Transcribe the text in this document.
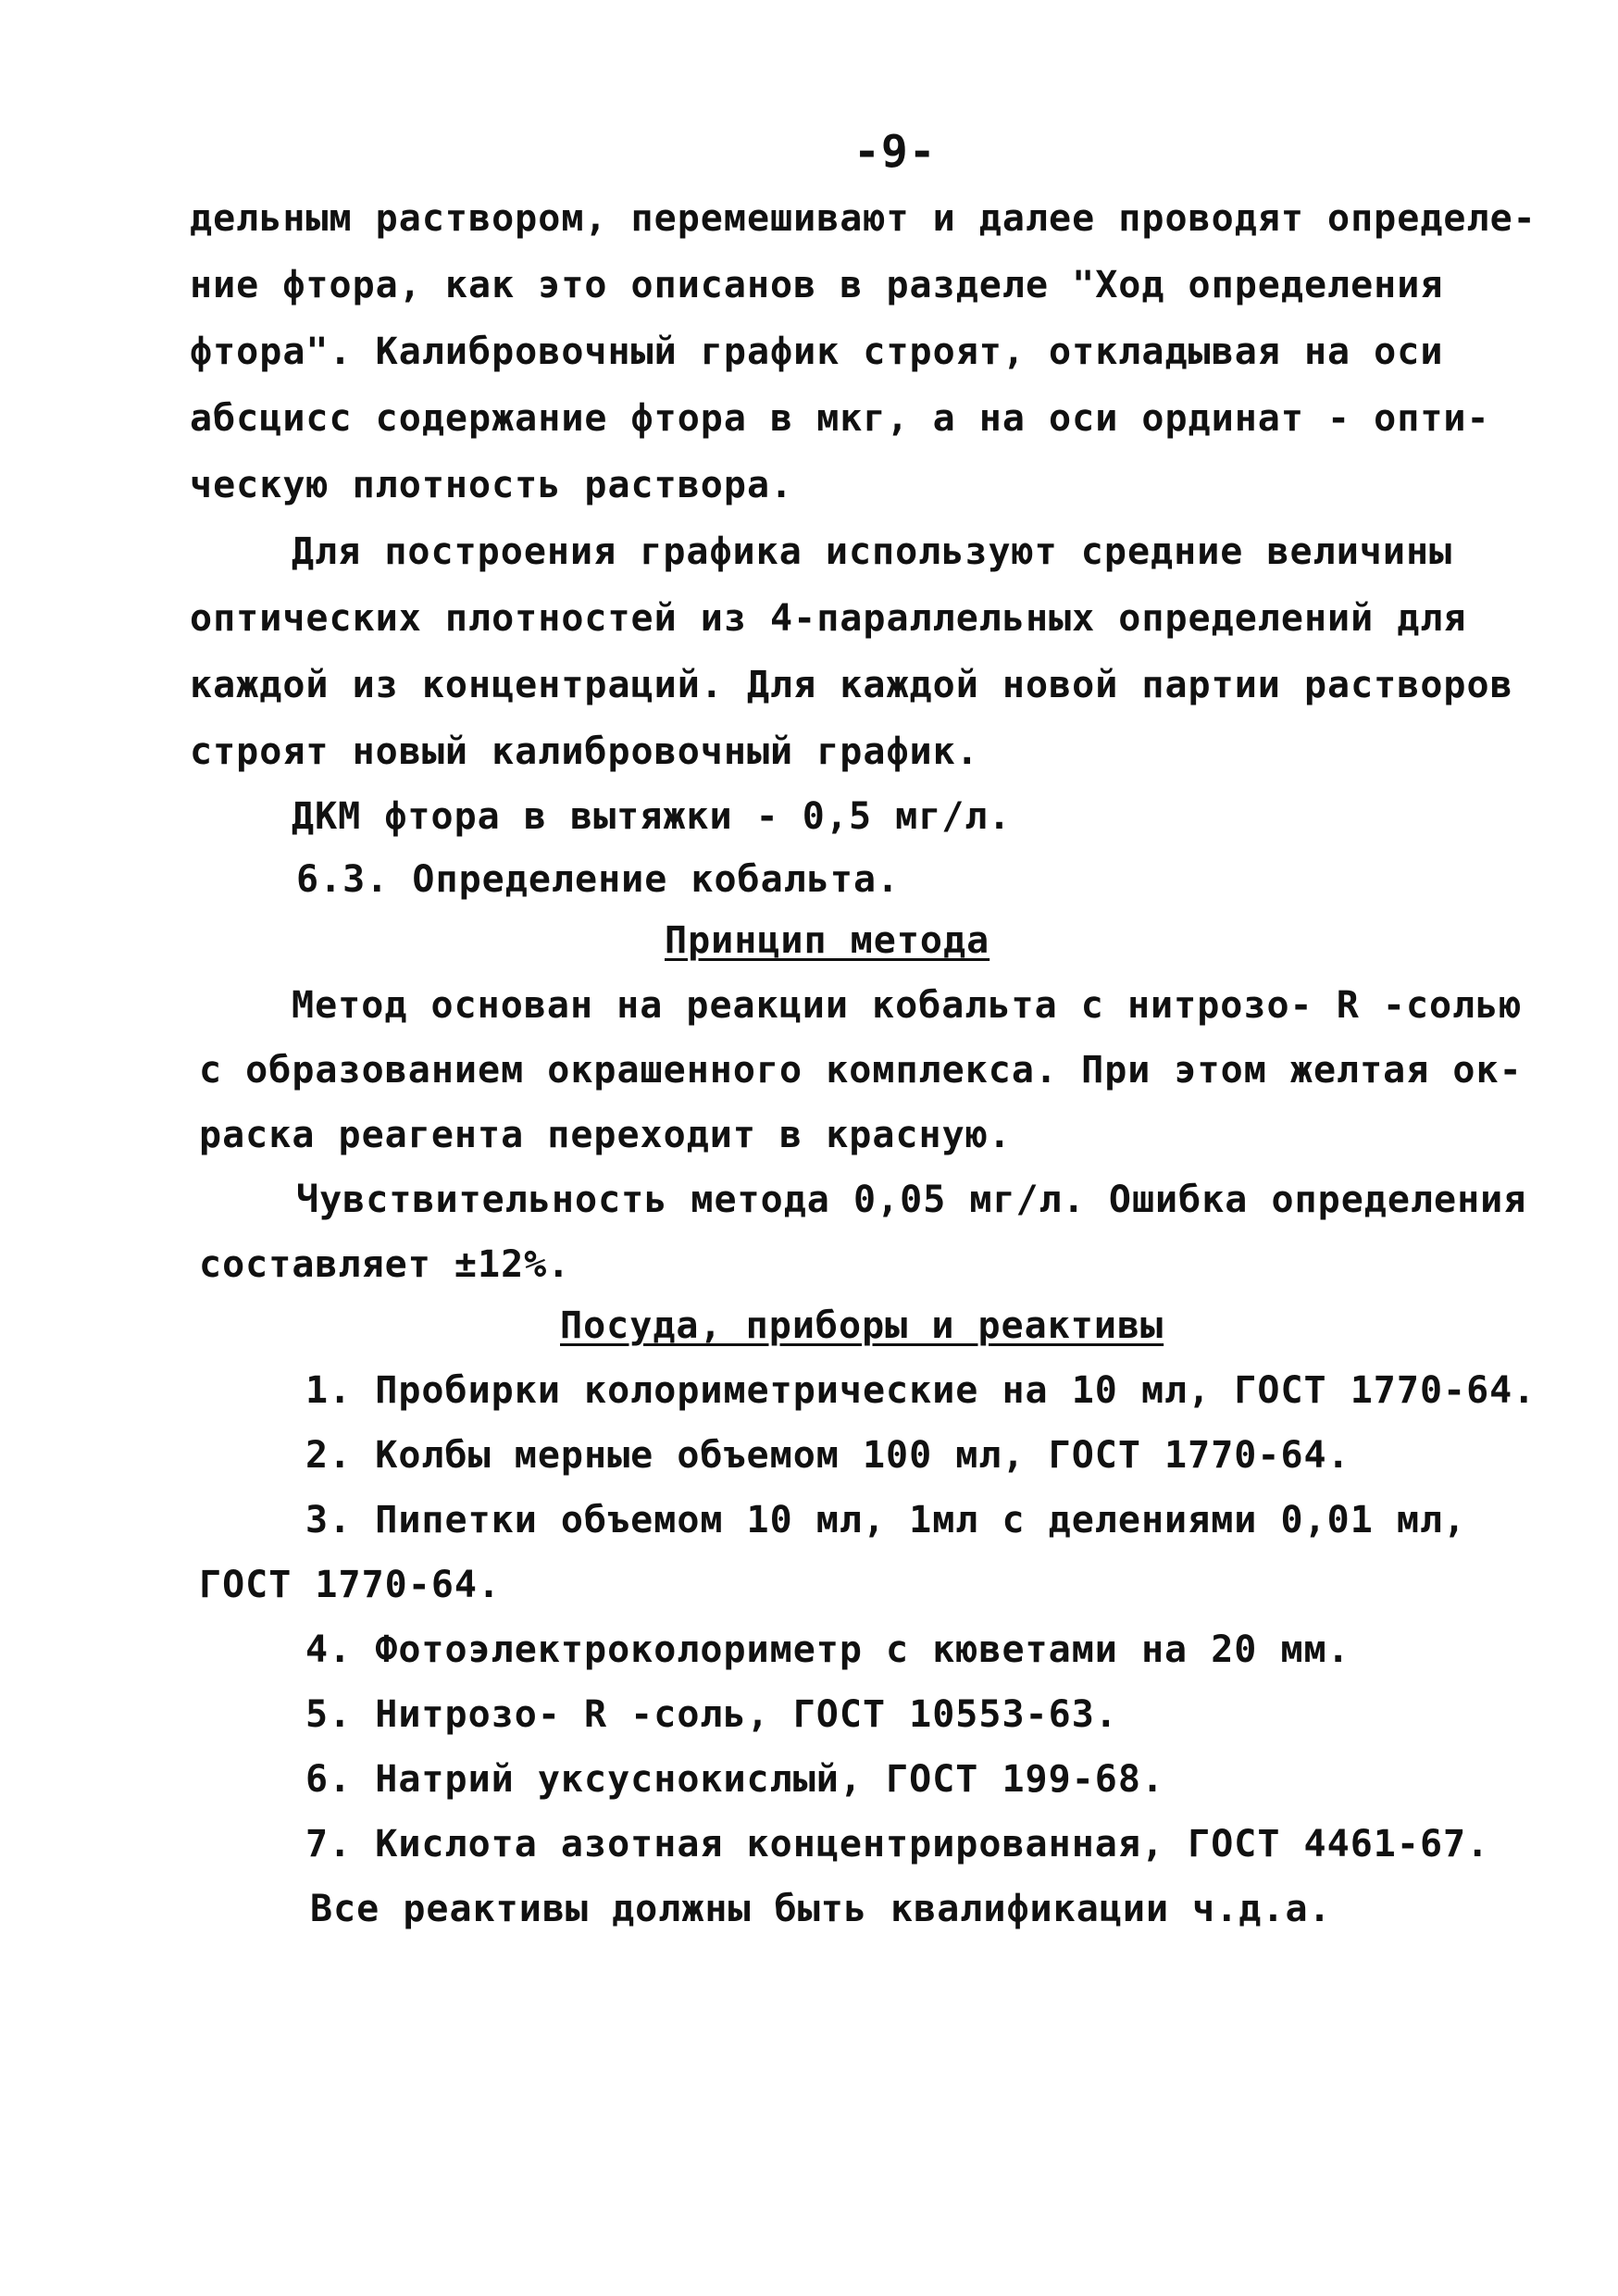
-9-
дельным раствором, перемешивают и далее проводят определе-
ние фтора, как это описанов в разделе "Ход определения
фтора". Калибровочный график строят, откладывая на оси
абсцисс содержание фтора в мкг, а на оси ординат - опти-
ческую плотность раствора.
Для построения графика используют средние величины
оптических плотностей из 4-параллельных определений для
каждой из концентраций. Для каждой новой партии растворов
строят новый калибровочный график.
ДКМ фтора в вытяжки - 0,5 мг/л.
6.3. Определение кобальта.
Принцип метода
Метод основан на реакции кобальта с нитрозо- R -солью
с образованием окрашенного комплекса. При этом желтая ок-
раска реагента переходит в красную.
Чувствительность метода 0,05 мг/л. Ошибка определения
составляет ±12%.
Посуда, приборы и реактивы
1. Пробирки колориметрические на 10 мл, ГОСТ 1770-64.
2. Колбы мерные объемом 100 мл, ГОСТ 1770-64.
3. Пипетки объемом 10 мл, 1мл с делениями 0,01 мл,
ГОСТ 1770-64.
4. Фотоэлектроколориметр с кюветами на 20 мм.
5. Нитрозо- R -соль, ГОСТ 10553-63.
6. Натрий уксуснокислый, ГОСТ 199-68.
7. Кислота азотная концентрированная, ГОСТ 4461-67.
Все реактивы должны быть квалификации ч.д.а.
